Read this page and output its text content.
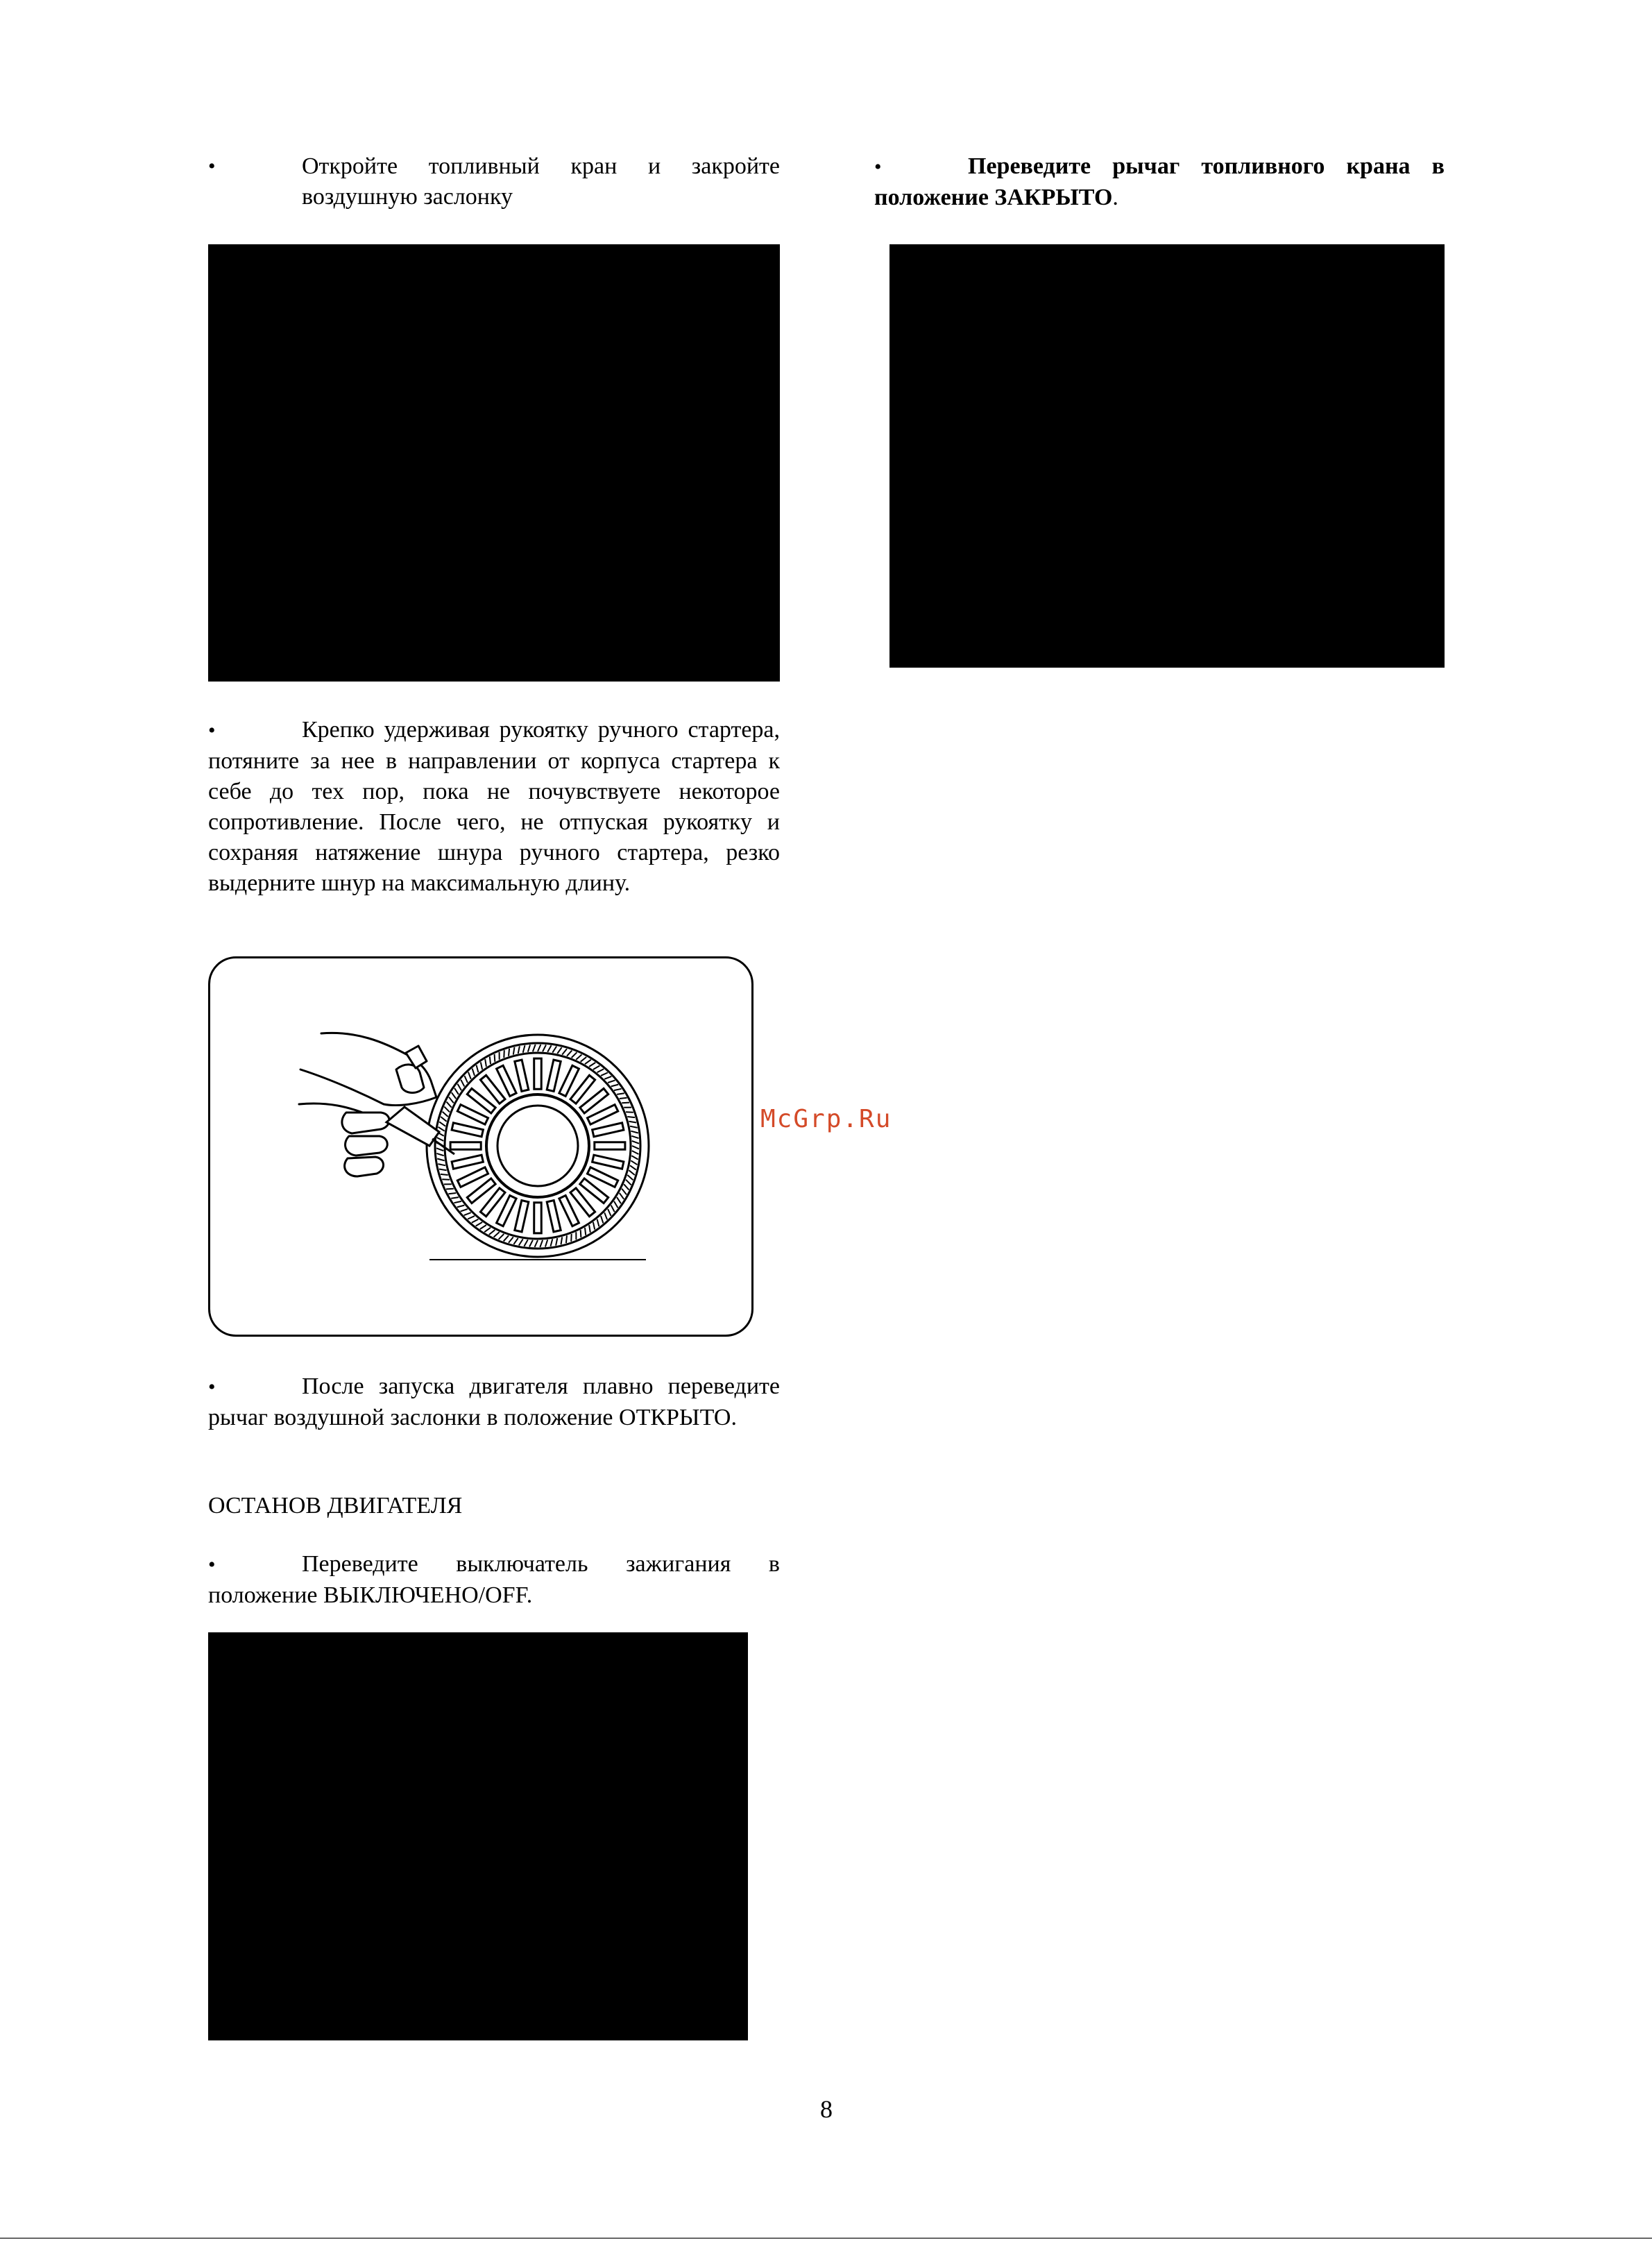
•	Откройте топливный кран и закройте
воздушную заслонку

•	Крепко удерживая рукоятку ручного стартера, потяните за нее в направлении от корпуса стартера к себе до тех пор, пока не почувствуете некоторое сопротивление. После чего, не отпуская рукоятку и сохраняя натяжение шнура ручного стартера, резко выдерните шнур на максимальную длину.

•	После запуска двигателя плавно переведите рычаг воздушной заслонки в положение ОТКРЫТО.

ОСТАНОВ ДВИГАТЕЛЯ

•	Переведите выключатель зажигания в положение ВЫКЛЮЧЕНО/OFF.

•	Переведите рычаг топливного крана в положение ЗАКРЫТО.

McGrp.Ru
8
